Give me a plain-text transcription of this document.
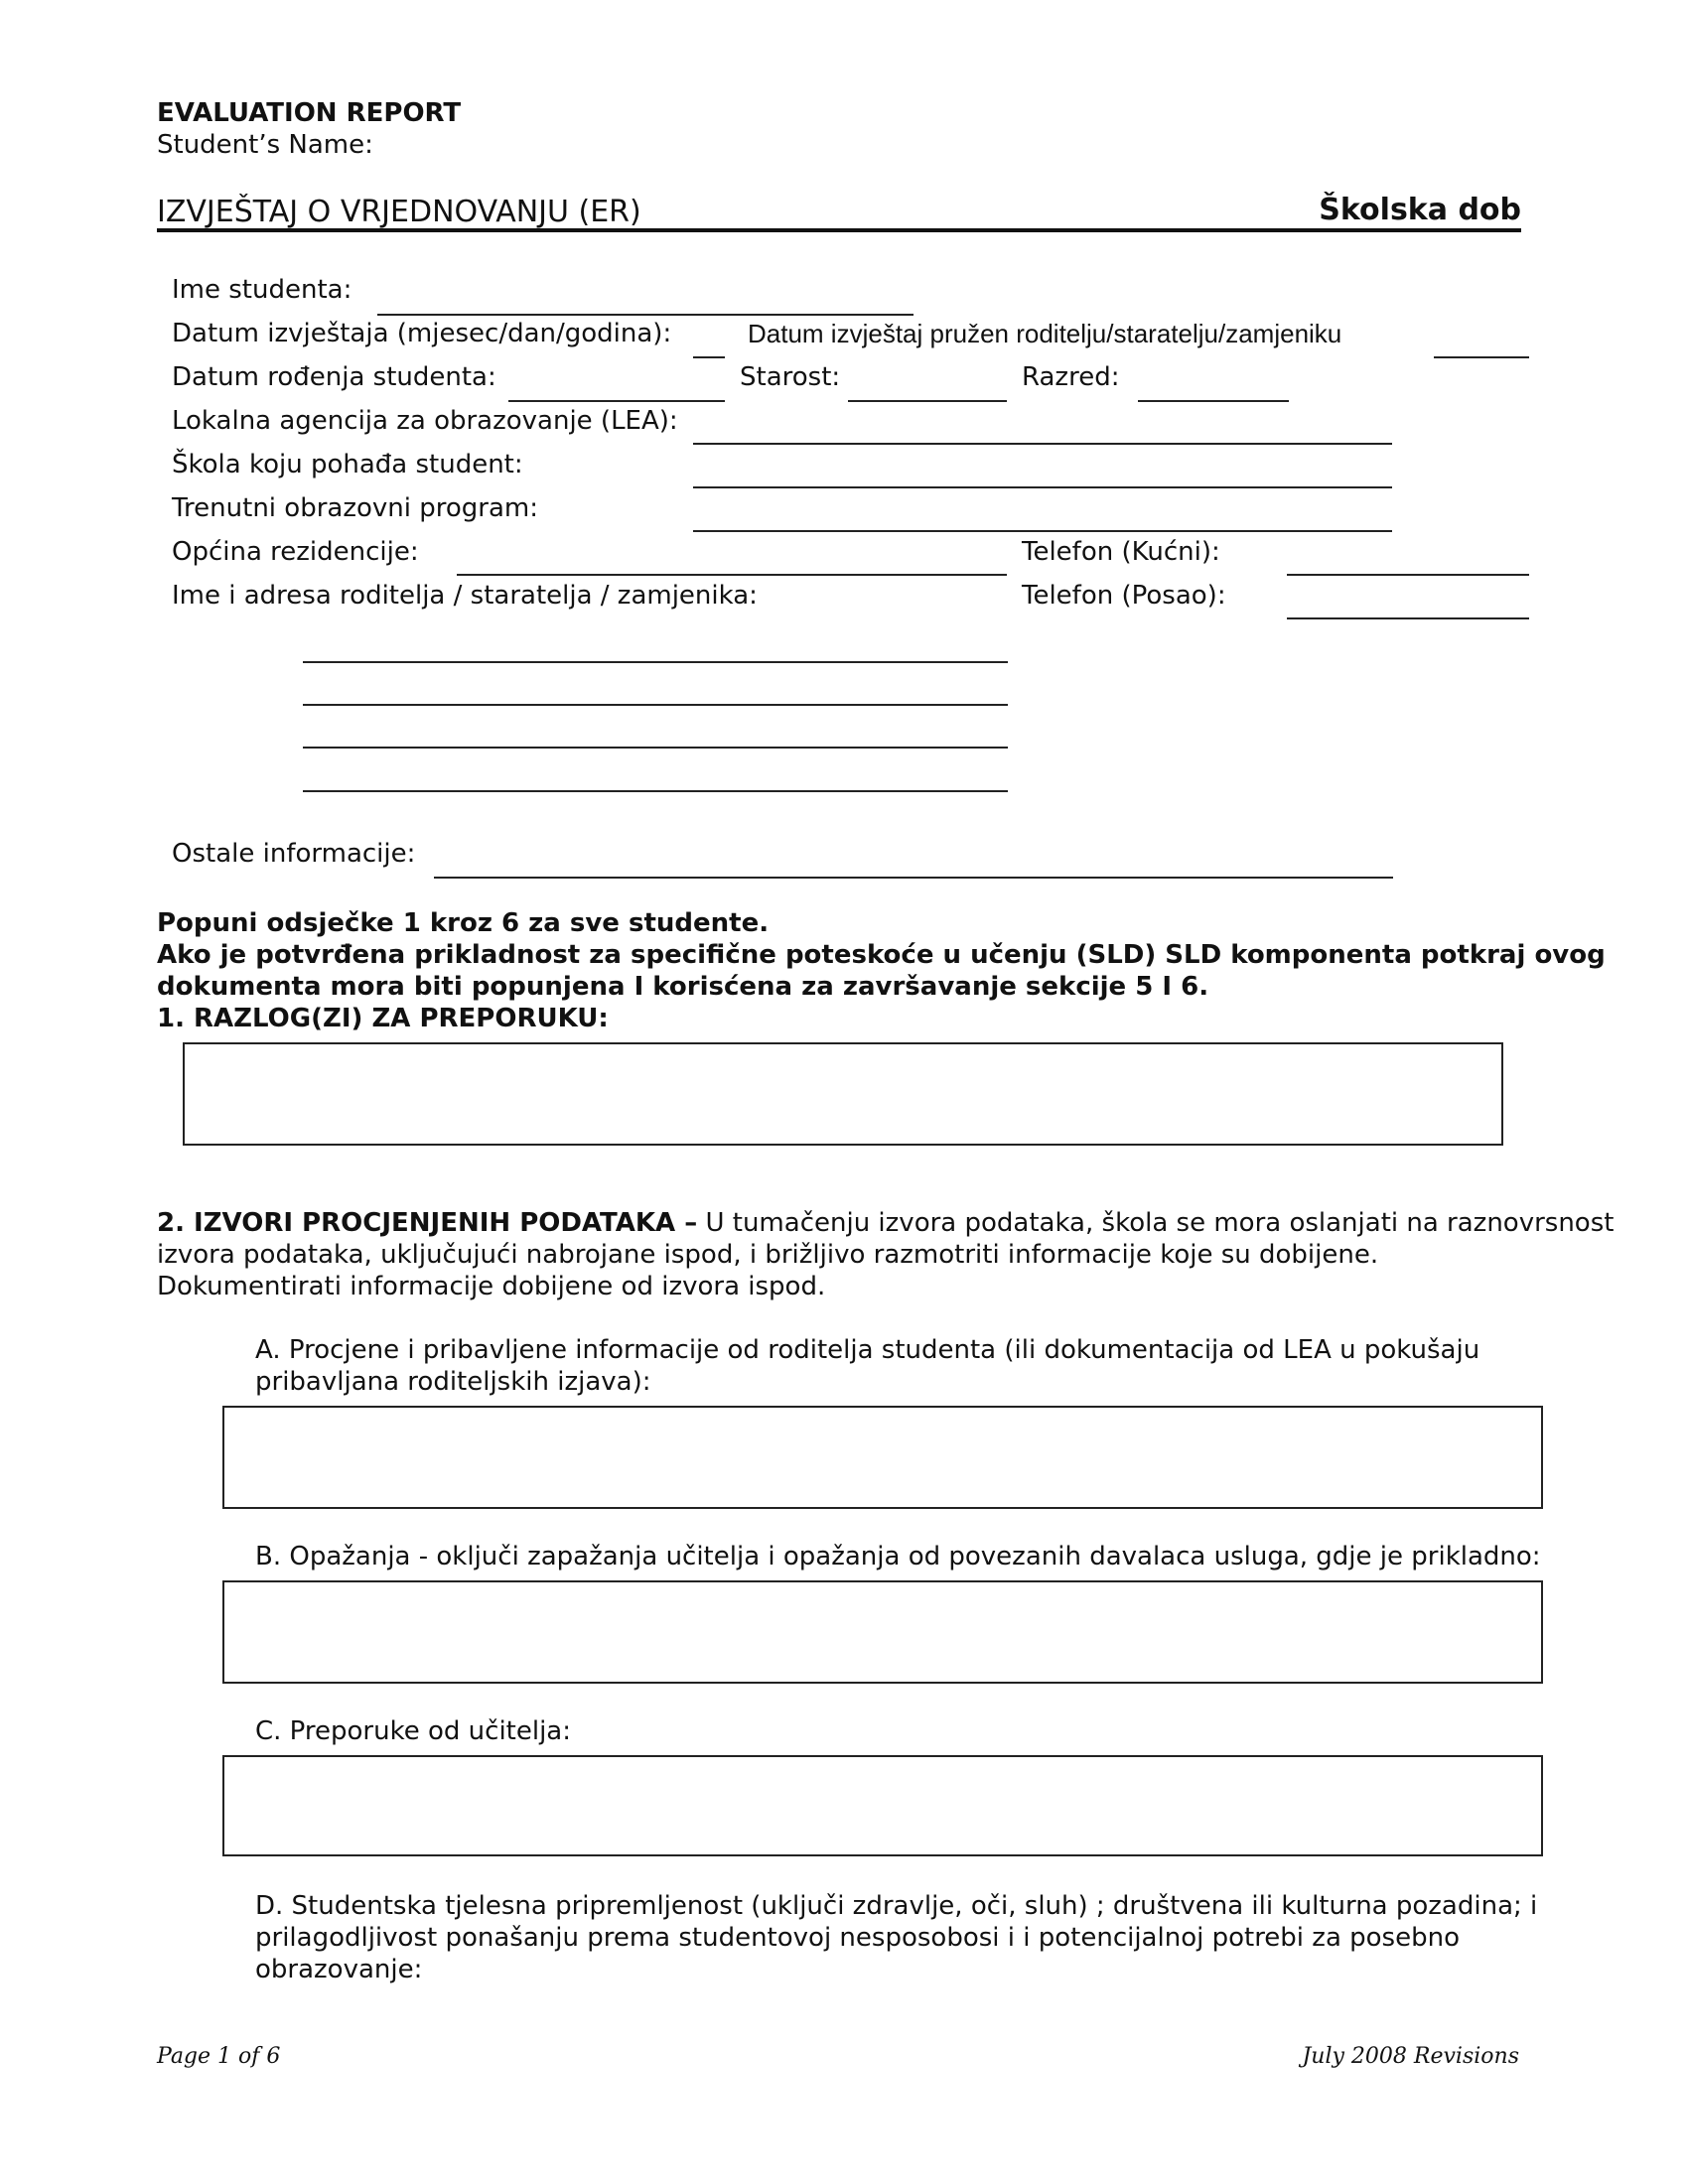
EVALUATION REPORT
Student’s Name:
IZVJEŠTAJ O VRJEDNOVANJU (ER)	Školska dob
Ime studenta:
Datum izvještaja (mjesec/dan/godina):	Datum izvještaj pružen roditelju/staratelju/zamjeniku
Datum rođenja studenta:	Starost:	Razred:
Lokalna agencija za obrazovanje (LEA):
Škola koju pohađa student:
Trenutni obrazovni program:
Općina rezidencije:	Telefon (Kućni):
Ime i adresa roditelja / staratelja / zamjenika:	Telefon (Posao):
Ostale informacije:
Popuni odsječke 1 kroz 6 za sve studente.
Ako je potvrđena prikladnost za specifične poteskoće u učenju (SLD) SLD komponenta potkraj ovog
dokumenta mora biti popunjena I korisćena za završavanje sekcije 5 I 6.
1. RAZLOG(ZI) ZA PREPORUKU:
2. IZVORI PROCJENJENIH PODATAKA – U tumačenju izvora podataka, škola se mora oslanjati na raznovrsnost
izvora podataka, uključujući nabrojane ispod, i brižljivo razmotriti informacije koje su dobijene.
Dokumentirati informacije dobijene od izvora ispod.
A. Procjene i pribavljene informacije od roditelja studenta (ili dokumentacija od LEA u pokušaju
pribavljana roditeljskih izjava):
B. Opažanja - oključi zapažanja učitelja i opažanja od povezanih davalaca usluga, gdje je prikladno:
C. Preporuke od učitelja:
D. Studentska tjelesna pripremljenost (uključi zdravlje, oči, sluh) ; društvena ili kulturna pozadina; i
prilagodljivost ponašanju prema studentovoj nesposobosi i i potencijalnoj potrebi za posebno
obrazovanje:
Page 1 of 6	July 2008 Revisions
